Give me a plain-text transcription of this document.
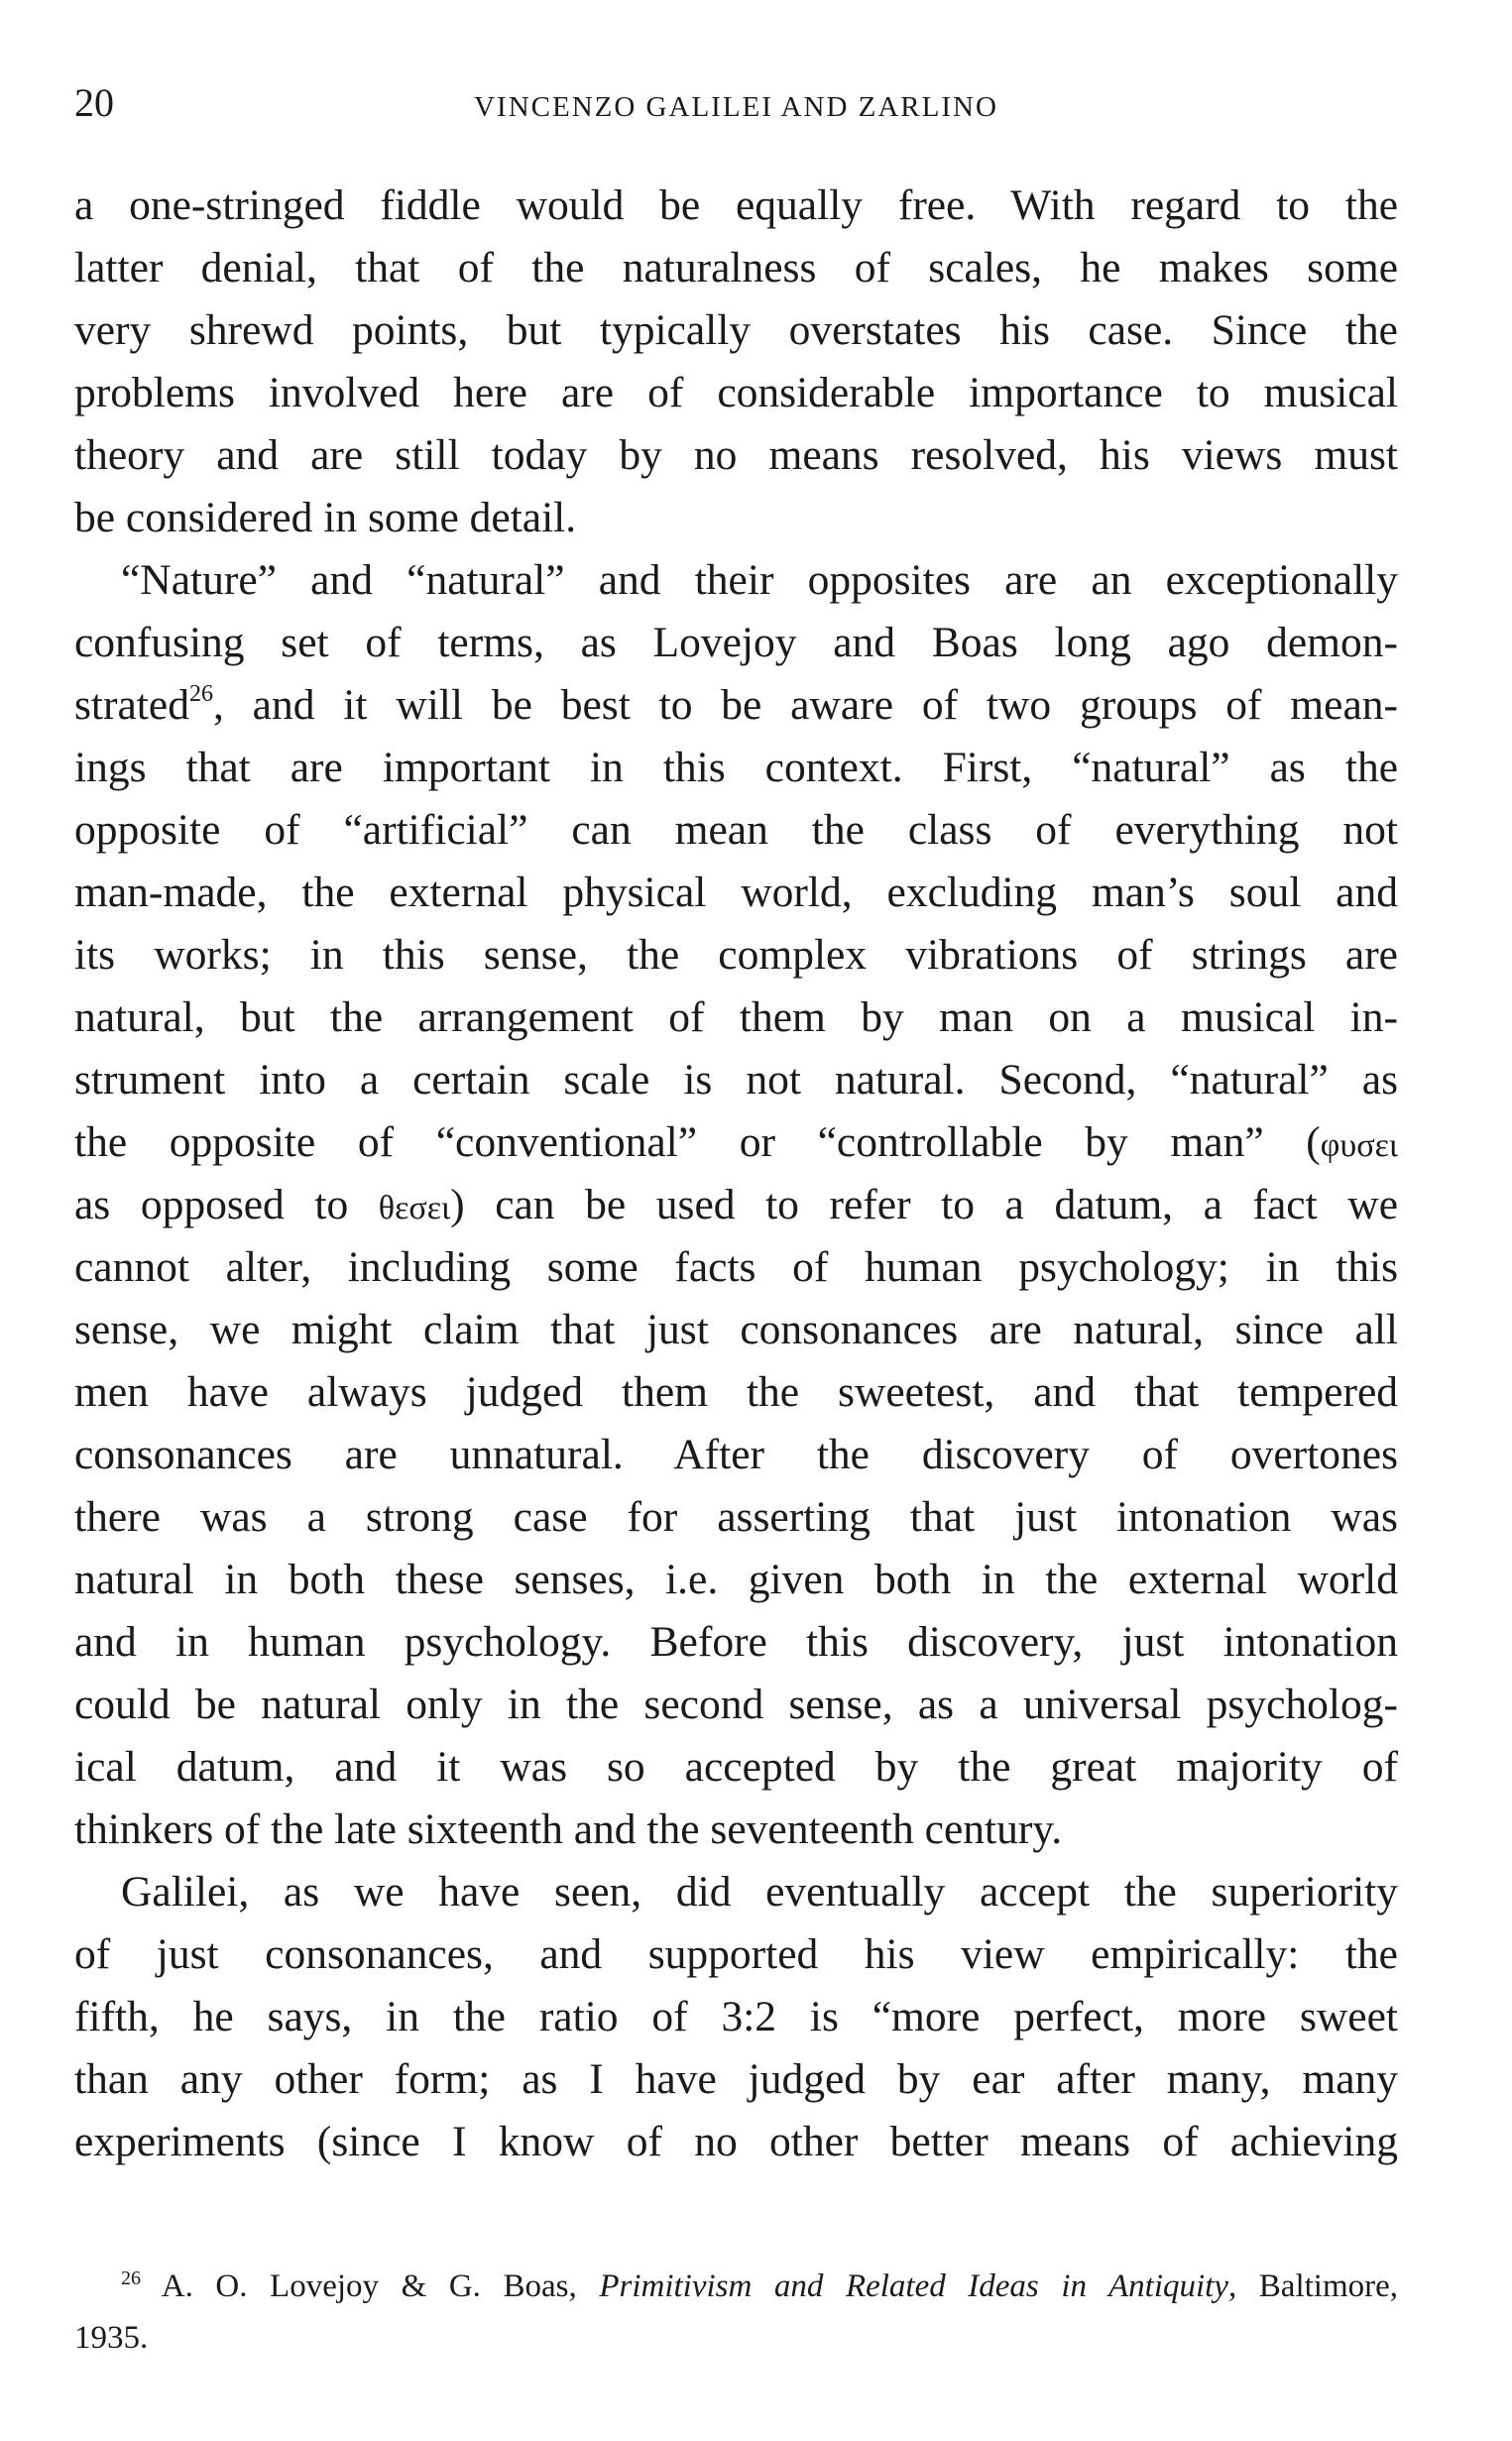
20	VINCENZO GALILEI AND ZARLINO
a one-stringed fiddle would be equally free. With regard to the
latter denial, that of the naturalness of scales, he makes some
very shrewd points, but typically overstates his case. Since the
problems involved here are of considerable importance to musical
theory and are still today by no means resolved, his views must
be considered in some detail.
“Nature” and “natural” and their opposites are an exceptionally
confusing set of terms, as Lovejoy and Boas long ago demon-
strated$^{26}$, and it will be best to be aware of two groups of mean-
ings that are important in this context. First, “natural” as the
opposite of “artificial” can mean the class of everything not
man-made, the external physical world, excluding man’s soul and
its works; in this sense, the complex vibrations of strings are
natural, but the arrangement of them by man on a musical in-
strument into a certain scale is not natural. Second, “natural” as
the opposite of “conventional” or “controllable by man” (φυσει
as opposed to θεσει) can be used to refer to a datum, a fact we
cannot alter, including some facts of human psychology; in this
sense, we might claim that just consonances are natural, since all
men have always judged them the sweetest, and that tempered
consonances are unnatural. After the discovery of overtones
there was a strong case for asserting that just intonation was
natural in both these senses, i.e. given both in the external world
and in human psychology. Before this discovery, just intonation
could be natural only in the second sense, as a universal psycholog-
ical datum, and it was so accepted by the great majority of
thinkers of the late sixteenth and the seventeenth century.
Galilei, as we have seen, did eventually accept the superiority
of just consonances, and supported his view empirically: the
fifth, he says, in the ratio of 3:2 is “more perfect, more sweet
than any other form; as I have judged by ear after many, many
experiments (since I know of no other better means of achieving
$^{26}$ A. O. Lovejoy & G. Boas, Primitivism and Related Ideas in Antiquity, Baltimore,
1935.
